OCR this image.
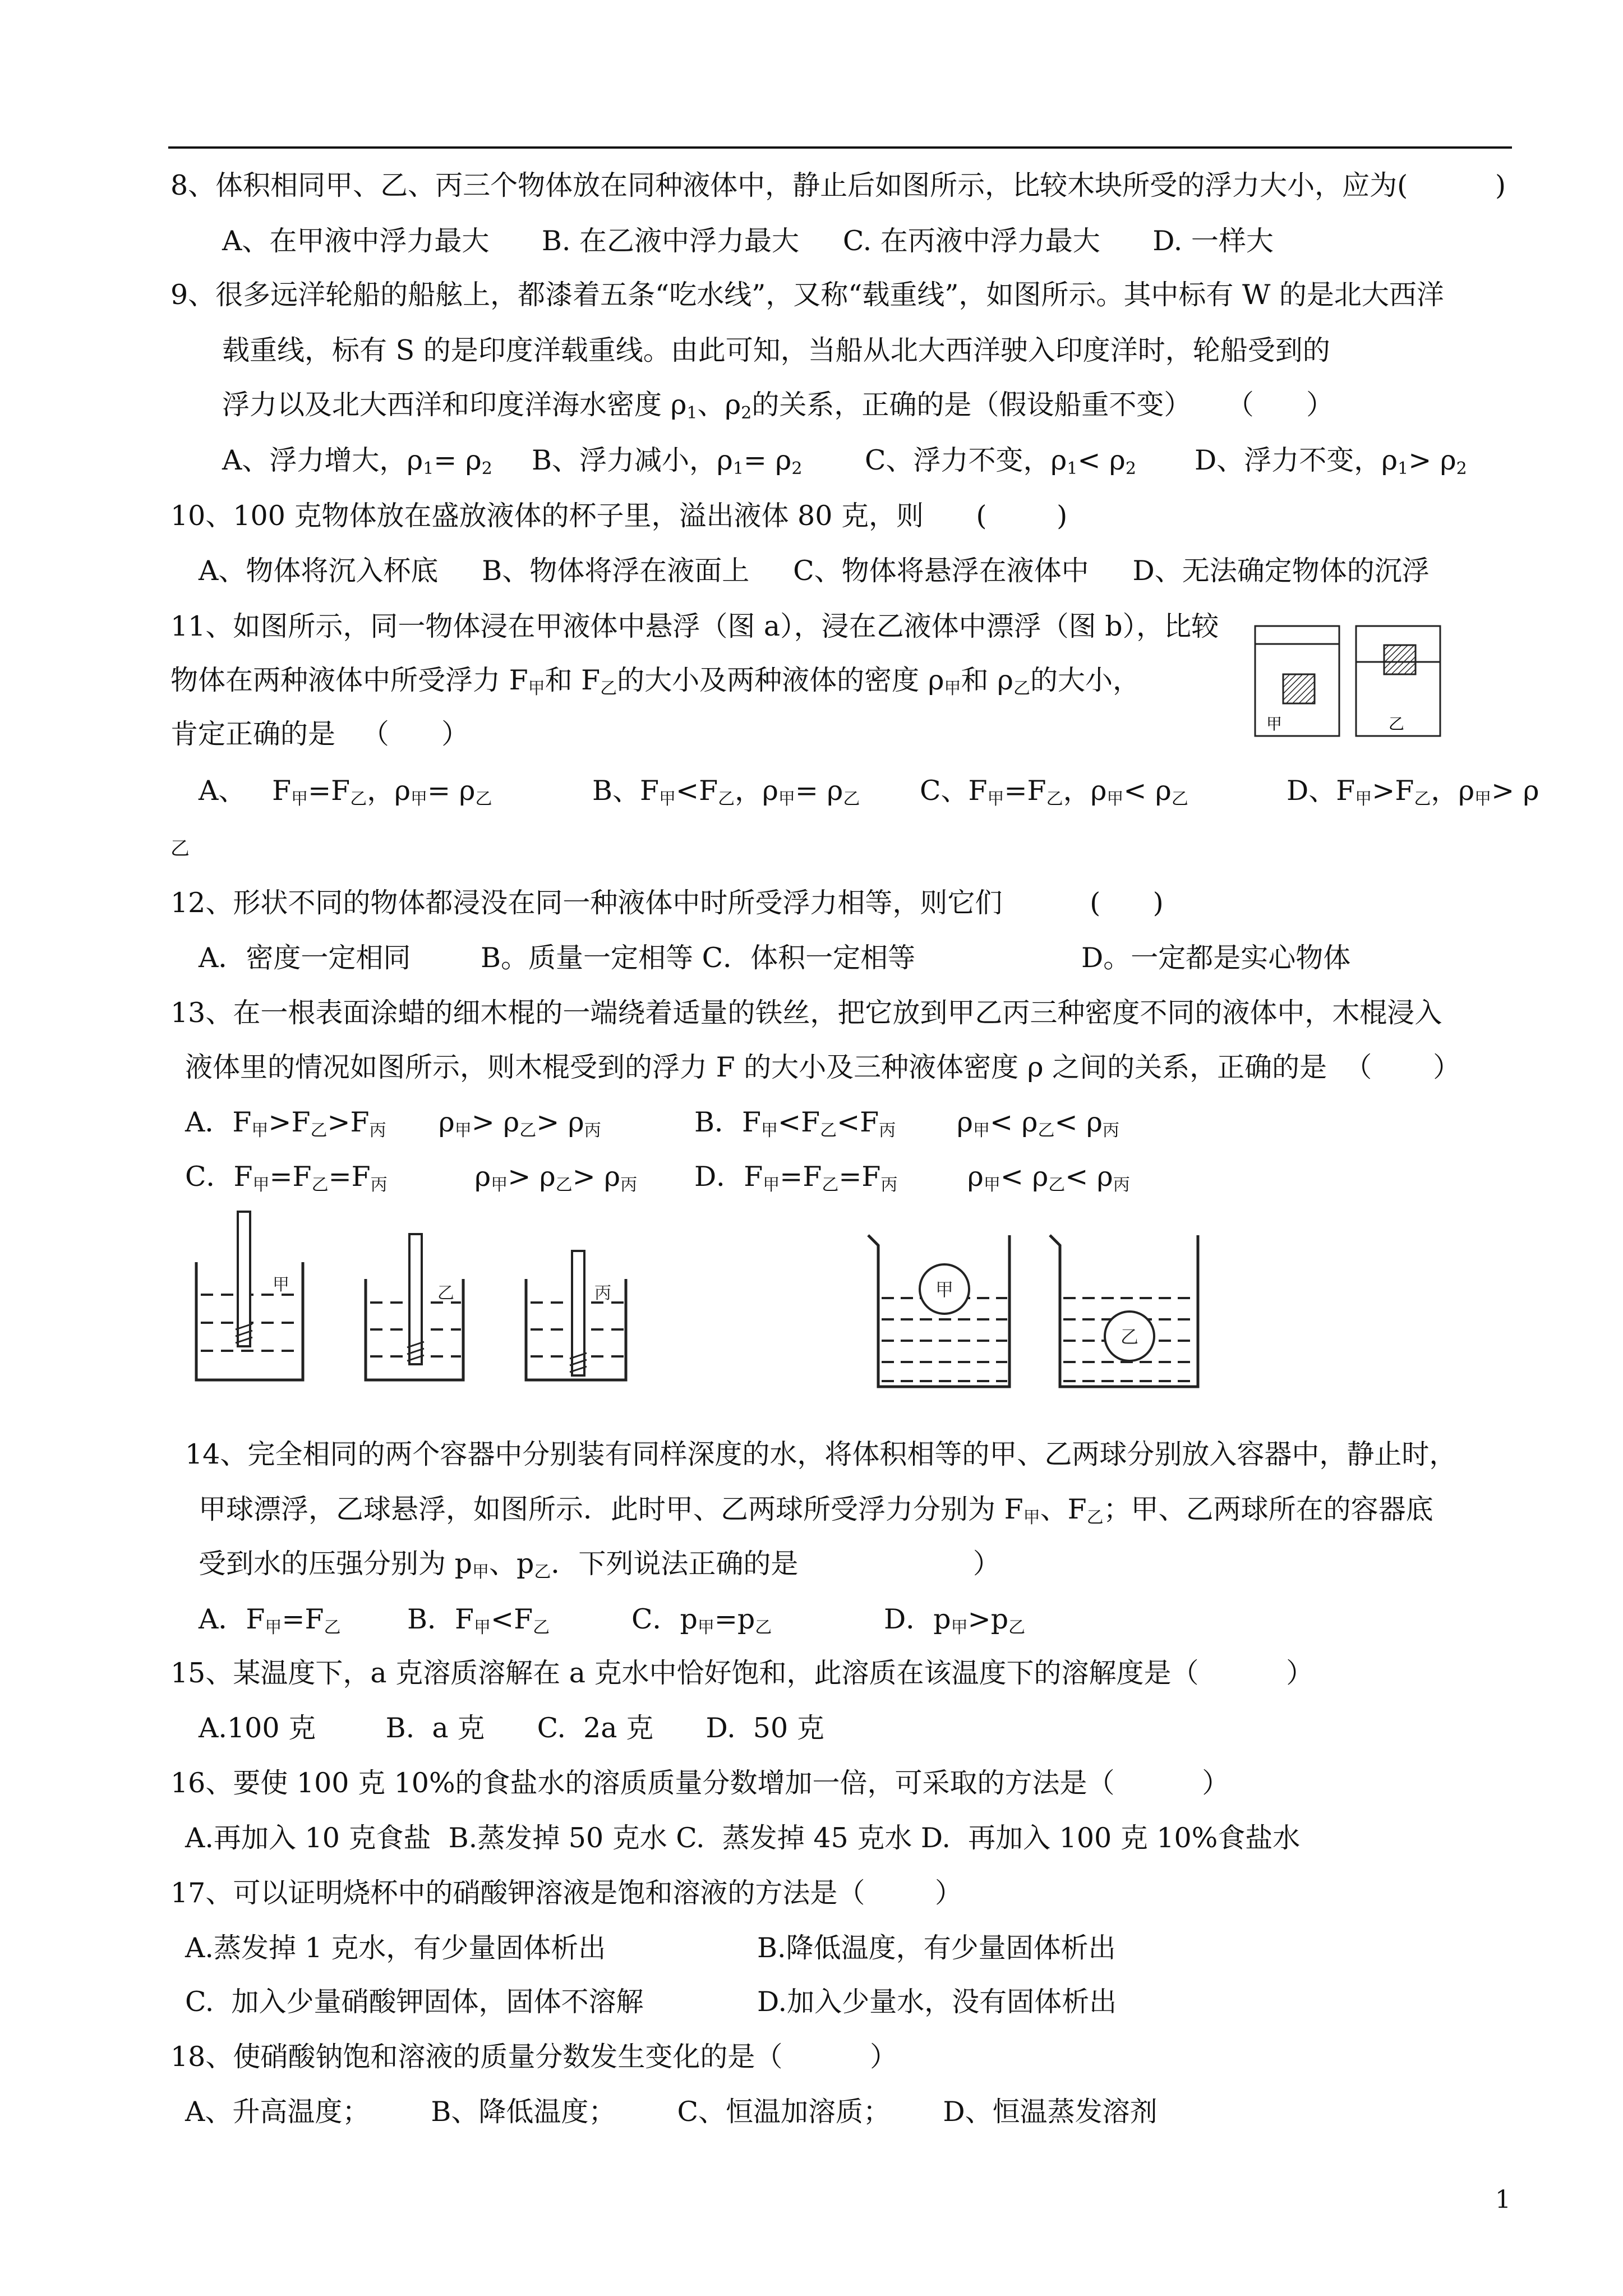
8、体积相同甲、乙、丙三个物体放在同种液体中，静止后如图所示，比较木块所受的浮力大小，应为(          )
A、在甲液中浮力最大      B. 在乙液中浮力最大     C. 在丙液中浮力最大      D. 一样大
9、很多远洋轮船的船舷上，都漆着五条“吃水线”，又称“载重线”，如图所示。其中标有 W 的是北大西洋
载重线，标有 S 的是印度洋载重线。由此可知，当船从北大西洋驶入印度洋时，轮船受到的
浮力以及北大西洋和印度洋海水密度 $\rho_1$、$\rho_2$的关系，正确的是（假设船重不变）    （      ）
A、浮力增大，$\rho_1= \rho_2$ B、浮力减小，$\rho_1= \rho_2$ C、浮力不变，$\rho_1< \rho_2$ D、浮力不变，$\rho_1> \rho_2$
10、100 克物体放在盛放液体的杯子里，溢出液体 80 克，则      (        )
A、物体将沉入杯底     B、物体将浮在液面上     C、物体将悬浮在液体中     D、无法确定物体的沉浮
11、如图所示，同一物体浸在甲液体中悬浮（图 a），浸在乙液体中漂浮（图 b），比较
物体在两种液体中所受浮力 $F_甲$和 $F_乙$的大小及两种液体的密度 $\rho_甲$和 $\rho_乙$的大小，
肯定正确的是   （      ）
A、   $F_甲=F_乙$，$\rho_甲= \rho_乙$	B、$F_甲<F_乙$，$\rho_甲= \rho_乙$ C、$F_甲=F_乙$，$\rho_甲< \rho_乙$	D、$F_甲>F_乙$，$\rho_甲> \rho$
乙
甲	乙
12、形状不同的物体都浸没在同一种液体中时所受浮力相等，则它们          (      )
A．密度一定相同        B。质量一定相等 C．体积一定相等                   D。一定都是实心物体
13、在一根表面涂蜡的细木棍的一端绕着适量的铁丝，把它放到甲乙丙三种密度不同的液体中，木棍浸入
液体里的情况如图所示，则木棍受到的浮力 F 的大小及三种液体密度 ρ 之间的关系，正确的是  （       ）
A．$F_甲>F_乙>F_丙$ $\rho_甲> \rho_乙> \rho_丙$	B．$F_甲<F_乙<F_丙$ $\rho_甲< \rho_乙< \rho_丙$
C．$F_甲=F_乙=F_丙$	$\rho_甲> \rho_乙> \rho_丙$ D．$F_甲=F_乙=F_丙$	$\rho_甲< \rho_乙< \rho_丙$
甲	乙	丙	甲
乙
14、完全相同的两个容器中分别装有同样深度的水，将体积相等的甲、乙两球分别放入容器中，静止时，
甲球漂浮，乙球悬浮，如图所示．此时甲、乙两球所受浮力分别为 $F_甲$、$F_乙$；甲、乙两球所在的容器底
受到水的压强分别为 $p_甲$、$p_乙$．下列说法正确的是                    ）
A．$F_甲=F_乙$ B．$F_甲<F_乙$	C．$p_甲=p_乙$	D．$p_甲>p_乙$
15、某温度下，a 克溶质溶解在 a 克水中恰好饱和，此溶质在该温度下的溶解度是（          ）
A.100 克        B.  a 克      C.  2a 克      D.  50 克
16、要使 100 克 10%的食盐水的溶质质量分数增加一倍，可采取的方法是（          ）
A.再加入 10 克食盐  B.蒸发掉 50 克水 C.  蒸发掉 45 克水 D.  再加入 100 克 10%食盐水
17、可以证明烧杯中的硝酸钾溶液是饱和溶液的方法是（        ）
A.蒸发掉 1 克水，有少量固体析出	B.降低温度，有少量固体析出
C.  加入少量硝酸钾固体，固体不溶解	D.加入少量水，没有固体析出
18、使硝酸钠饱和溶液的质量分数发生变化的是（          ）
A、升高温度；       B、降低温度；       C、恒温加溶质；      D、恒温蒸发溶剂
1
